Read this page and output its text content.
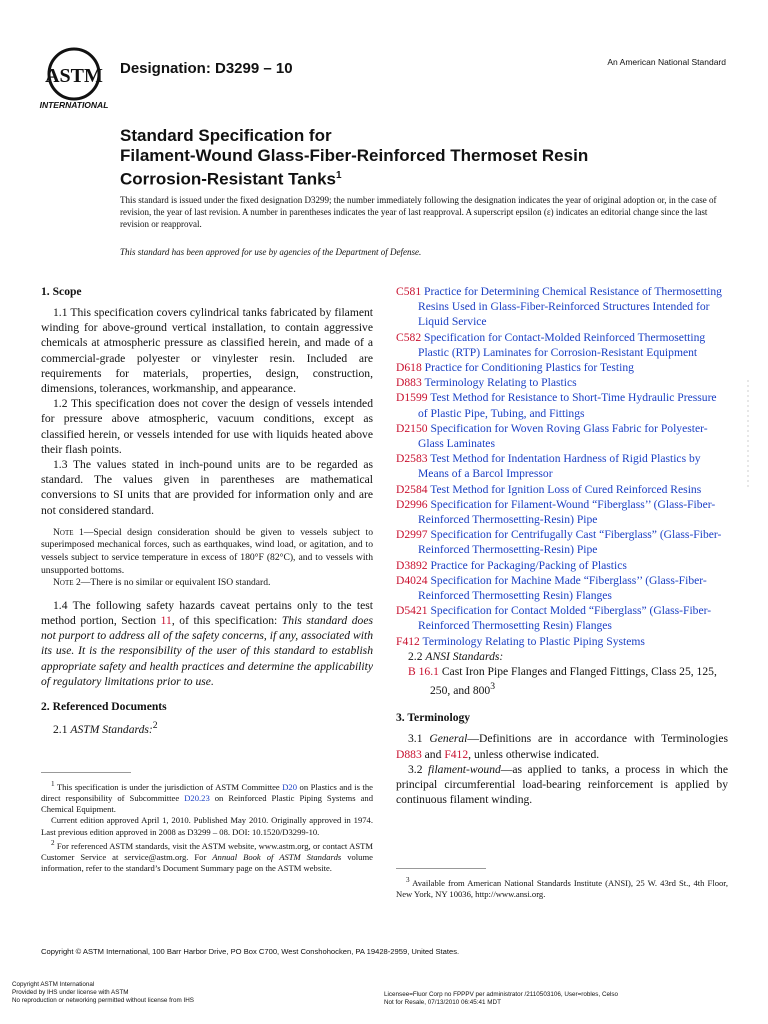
ASTM
INTERNATIONAL
Designation: D3299 – 10	An American National Standard
Standard Specification for
Filament-Wound Glass-Fiber-Reinforced Thermoset Resin
Corrosion-Resistant Tanks$^1$
This standard is issued under the fixed designation D3299; the number immediately following the designation indicates the year of original adoption or, in the case of revision, the year of last revision. A number in parentheses indicates the year of last reapproval. A superscript epsilon (ε) indicates an editorial change since the last revision or reapproval.
This standard has been approved for use by agencies of the Department of Defense.
1. Scope

1.1 This specification covers cylindrical tanks fabricated by filament winding for above-ground vertical installation, to contain aggressive chemicals at atmospheric pressure as classified herein, and made of a commercial-grade polyester or vinylester resin. Included are requirements for materials, properties, design, construction, dimensions, tolerances, workmanship, and appearance.

1.2 This specification does not cover the design of vessels intended for pressure above atmospheric, vacuum conditions, except as classified herein, or vessels intended for use with liquids heated above their flash points.

1.3 The values stated in inch-pound units are to be regarded as standard. The values given in parentheses are mathematical conversions to SI units that are provided for information only and are not considered standard.

Note 1—Special design consideration should be given to vessels subject to superimposed mechanical forces, such as earthquakes, wind load, or agitation, and to vessels subject to service temperature in excess of 180°F (82°C), and to vessels with unsupported bottoms.
Note 2—There is no similar or equivalent ISO standard.

1.4 The following safety hazards caveat pertains only to the test method portion, Section 11, of this specification: This standard does not purport to address all of the safety concerns, if any, associated with its use. It is the responsibility of the user of this standard to establish appropriate safety and health practices and determine the applicability of regulatory limitations prior to use.

2. Referenced Documents

2.1 ASTM Standards:$^2$

$^1$ This specification is under the jurisdiction of ASTM Committee D20 on Plastics and is the direct responsibility of Subcommittee D20.23 on Reinforced Plastic Piping Systems and Chemical Equipment.

Current edition approved April 1, 2010. Published May 2010. Originally approved in 1974. Last previous edition approved in 2008 as D3299 – 08. DOI: 10.1520/D3299-10.

$^2$ For referenced ASTM standards, visit the ASTM website, www.astm.org, or contact ASTM Customer Service at service@astm.org. For Annual Book of ASTM Standards volume information, refer to the standard’s Document Summary page on the ASTM website.

C581 Practice for Determining Chemical Resistance of Thermosetting Resins Used in Glass-Fiber-Reinforced Structures Intended for Liquid Service
C582 Specification for Contact-Molded Reinforced Thermosetting Plastic (RTP) Laminates for Corrosion-Resistant Equipment
D618 Practice for Conditioning Plastics for Testing
D883 Terminology Relating to Plastics
D1599 Test Method for Resistance to Short-Time Hydraulic Pressure of Plastic Pipe, Tubing, and Fittings
D2150 Specification for Woven Roving Glass Fabric for Polyester-Glass Laminates
D2583 Test Method for Indentation Hardness of Rigid Plastics by Means of a Barcol Impressor
D2584 Test Method for Ignition Loss of Cured Reinforced Resins
D2996 Specification for Filament-Wound “Fiberglass’’ (Glass-Fiber-Reinforced Thermosetting-Resin) Pipe
D2997 Specification for Centrifugally Cast “Fiberglass” (Glass-Fiber-Reinforced Thermosetting-Resin) Pipe
D3892 Practice for Packaging/Packing of Plastics
D4024 Specification for Machine Made “Fiberglass’’ (Glass-Fiber-Reinforced Thermosetting Resin) Flanges
D5421 Specification for Contact Molded “Fiberglass” (Glass-Fiber-Reinforced Thermosetting Resin) Flanges
F412 Terminology Relating to Plastic Piping Systems

2.2 ANSI Standards:

B 16.1 Cast Iron Pipe Flanges and Flanged Fittings, Class 25, 125, 250, and $800^3$
3. Terminology

3.1 General—Definitions are in accordance with Terminologies D883 and F412, unless otherwise indicated.

3.2 filament-wound—as applied to tanks, a process in which the principal circumferential load-bearing reinforcement is applied by continuous filament winding.

$^3$ Available from American National Standards Institute (ANSI), 25 W. 43rd St., 4th Floor, New York, NY 10036, http://www.ansi.org.

Copyright © ASTM International, 100 Barr Harbor Drive, PO Box C700, West Conshohocken, PA 19428-2959, United States.
Copyright ASTM International
Provided by IHS under license with ASTM
No reproduction or networking permitted without license from IHS
Licensee=Fluor Corp no FPPPV per administrator /2110503106, User=robles, Celso
Not for Resale, 07/13/2010 06:45:41 MDT
